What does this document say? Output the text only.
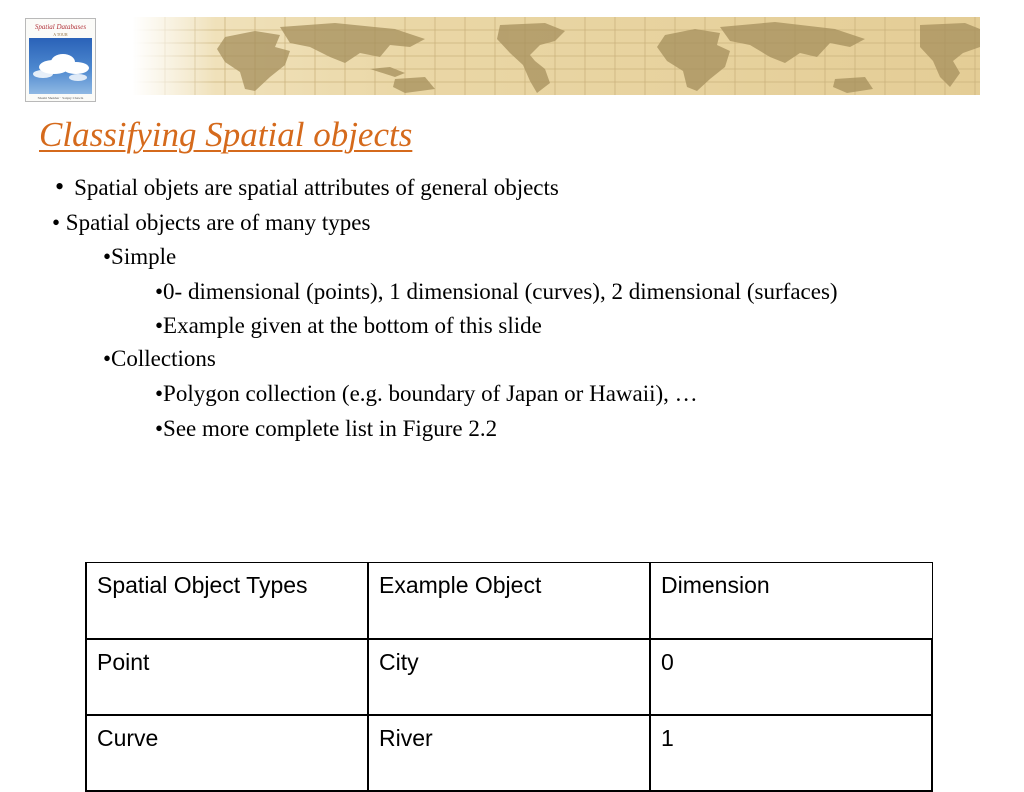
Spatial Databases
A TOUR
Shashi Shekhar · Sanjay Chawla
Classifying Spatial objects
• Spatial objets are spatial attributes of general objects
• Spatial objects are of many types
•Simple
•0- dimensional (points), 1 dimensional (curves), 2 dimensional (surfaces)
•Example given at the bottom of this slide
•Collections
•Polygon collection (e.g. boundary of Japan or Hawaii), …
•See more complete list in Figure 2.2
Spatial Object Types	Example Object	Dimension
Point	City	0
Curve	River	1
